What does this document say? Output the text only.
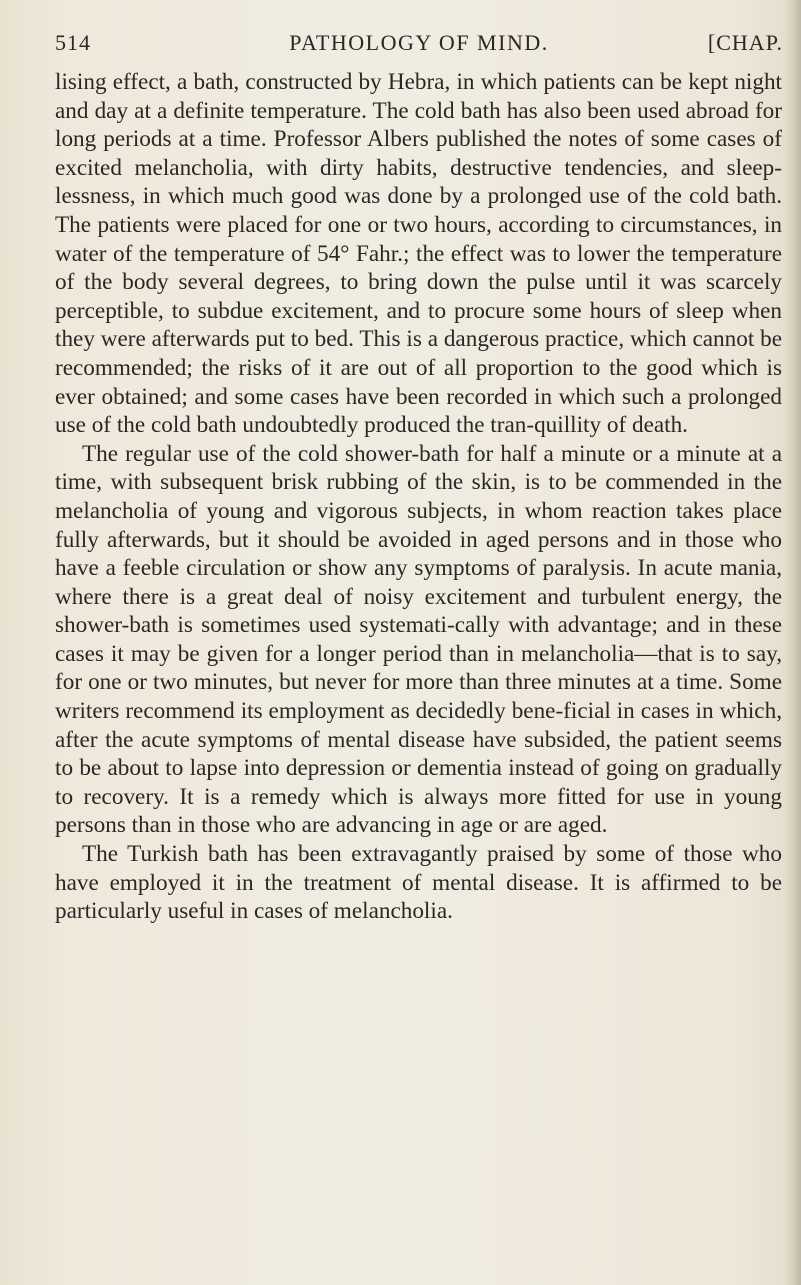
514	PATHOLOGY OF MIND.	[CHAP.

lising effect, a bath, constructed by Hebra, in which patients can be kept night and day at a definite temperature. The cold bath has also been used abroad for long periods at a time. Professor Albers published the notes of some cases of excited melancholia, with dirty habits, destructive tendencies, and sleep-lessness, in which much good was done by a prolonged use of the cold bath. The patients were placed for one or two hours, according to circumstances, in water of the temperature of 54° Fahr.; the effect was to lower the temperature of the body several degrees, to bring down the pulse until it was scarcely perceptible, to subdue excitement, and to procure some hours of sleep when they were afterwards put to bed. This is a dangerous practice, which cannot be recommended; the risks of it are out of all proportion to the good which is ever obtained; and some cases have been recorded in which such a prolonged use of the cold bath undoubtedly produced the tran-quillity of death.

The regular use of the cold shower-bath for half a minute or a minute at a time, with subsequent brisk rubbing of the skin, is to be commended in the melancholia of young and vigorous subjects, in whom reaction takes place fully afterwards, but it should be avoided in aged persons and in those who have a feeble circulation or show any symptoms of paralysis. In acute mania, where there is a great deal of noisy excitement and turbulent energy, the shower-bath is sometimes used systemati-cally with advantage; and in these cases it may be given for a longer period than in melancholia—that is to say, for one or two minutes, but never for more than three minutes at a time. Some writers recommend its employment as decidedly bene-ficial in cases in which, after the acute symptoms of mental disease have subsided, the patient seems to be about to lapse into depression or dementia instead of going on gradually to recovery. It is a remedy which is always more fitted for use in young persons than in those who are advancing in age or are aged.

The Turkish bath has been extravagantly praised by some of those who have employed it in the treatment of mental disease. It is affirmed to be particularly useful in cases of melancholia.
